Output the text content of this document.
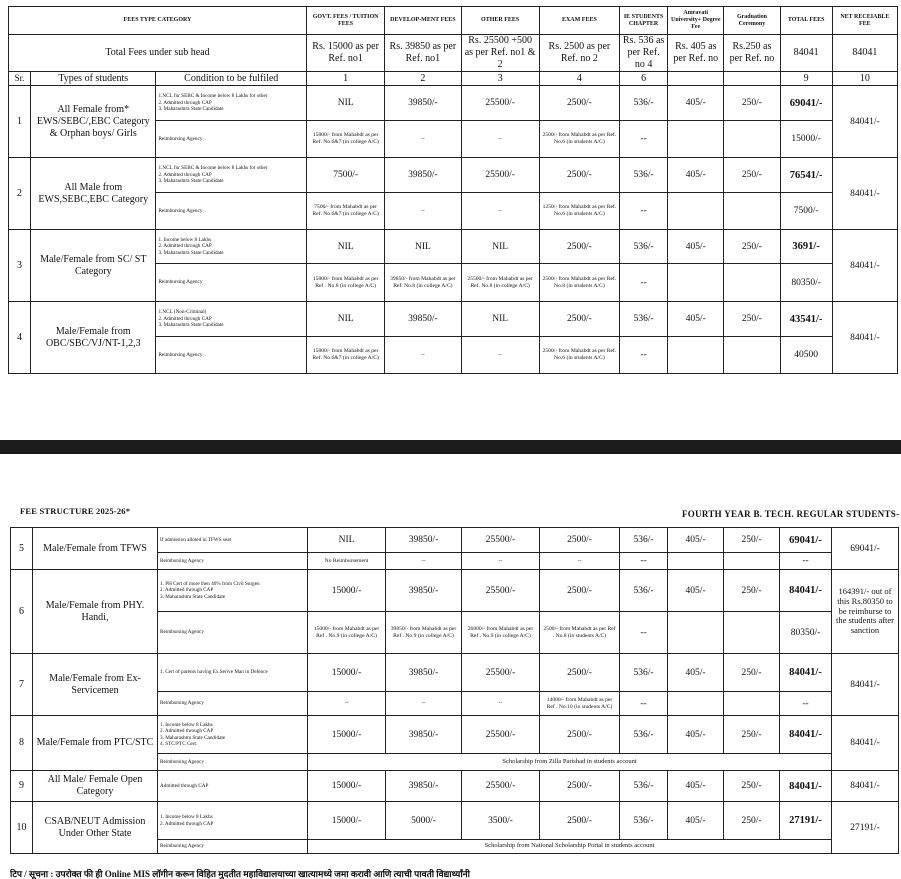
FEES TYPE CATEGORY			GOVT. FEES / TUITION FEES	DEVELOP-MENT FEES	OTHER FEES	EXAM FEES	IE STUDENTS CHAPTER	Amravati University+ Degree Fee	Graduation Ceremony	TOTAL FEES	NET RECEIABLE FEE
Total Fees under sub head			Rs. 15000 as per Ref. no1	Rs. 39850 as per Ref. no1	Rs. 25500 +500 as per Ref. no1 & 2	Rs. 2500 as per Ref. no 2	Rs. 536 as per Ref. no 4	Rs. 405 as per Ref. no	Rs.250 as per Ref. no	84041	84041
Sr.	Types of students	Condition to be fulfiled	1	2	3	4	6			9	10
1	All Female from* EWS/SEBC/,EBC Category & Orphan boys/ Girls	1.NCL for SEBC & Income below 8 Lakhs for other
2. Admitted through CAP
3. Maharashtra State Candidate	NIL	39850/-	25500/-	2500/-	536/-	405/-	250/-	69041/-	84041/-
		Reimbursing Agency	15000/- from Mahabdt as per Ref. No.6&7 (in college A/C)	--	--	2500/- from Mahabdt as per Ref. No.6 (in students A/C)	--			15000/-	
2	All Male from EWS,SEBC,EBC Category	1.NCL for SEBC & Income below 8 Lakhs for other
2. Admitted through CAP
3. Maharashtra State Candidate	7500/-	39850/-	25500/-	2500/-	536/-	405/-	250/-	76541/-	84041/-
		Reimbursing Agency	7500/- from Mahabdt as per Ref. No.6&7 (in college A/C)	--	--	1250/- from Mahabdt as per Ref. No.6 (in students A/C)	--			7500/-	
3	Male/Female from SC/ ST Category	1. Income below 8 Lakhs
2. Admitted through CAP
3. Maharashtra State Candidate	NIL	NIL	NIL	2500/-	536/-	405/-	250/-	3691/-	84041/-
		Reimbursing Agency	15000/- from Mahabdt as per Ref . No.8 (in college A/C)	39850/- from Mahabdt as per Ref. No.8 (in college A/C)	25500/- from Mahabdt as per Ref. No.8 (in college A/C)	2500/- from Mahabdt as per Ref. No.8 (in students A/C)	--			80350/-	
4	Male/Female from OBC/SBC/VJ/NT-1,2,3	1.NCL (Non-Criminal)
2. Admitted through CAP
3. Maharashtra State Candidate	NIL	39850/-	NIL	2500/-	536/-	405/-	250/-	43541/-	84041/-
		Reimbursing Agency	15000/- from Mahabdt as per Ref. No.6&7 (in college A/C)	--	--	2500/- from Mahabdt as per Ref. No.6 (in students A/C)	--			40500	
FEE STRUCTURE 2025-26*	FOURTH YEAR B. TECH. REGULAR STUDENTS-
5	Male/Female from TFWS	If admission alloted in TFWS seat	NIL	39850/-	25500/-	2500/-	536/-	405/-	250/-	69041/-	69041/-
		Reimbursing Agency	No Reimbursement	--	--	--	--			--	
6	Male/Female from PHY. Handi,	1. PH Cert of more then 40% from Civil Surgen
2. Admitted through CAP
3. Maharashtra State Candidate	15000/-	39850/-	25500/-	2500/-	536/-	405/-	250/-	84041/-	164391/- out of this Rs.80350 to be reimburse to the students after sanction
		Reimbursing Agency	15000/- from Mahabdt as per Ref . No.9 (in college A/C)	39850/- from Mahabdt as per Ref . No.9 (in college A/C)	26000/- from Mahabdt as per Ref . No.9 (in college A/C)	2500/- from Mahabdt as per Ref . No.8 (in students A/C)	--			80350/-	
7	Male/Female from Ex-Servicemen	1. Cert of parents having Ex.Serive Man in Defence	15000/-	39850/-	25500/-	2500/-	536/-	405/-	250/-	84041/-	84041/-
		Reimbursing Agency	--	--	--	14000/- from Mahabdt as per Ref . No.10 (in students A/C)	--			--	
8	Male/Female from PTC/STC	1. Income below 8 Lakhs
2. Admitted through CAP
3. Maharashtra State Candidate
4. STC/PTC Cert.	15000/-	39850/-	25500/-	2500/-	536/-	405/-	250/-	84041/-	84041/-
		Reimbursing Agency	Scholarship from Zilla Parishad in students account								
9	All Male/ Female Open Category	Admitted through CAP	15000/-	39850/-	25500/-	2500/-	536/-	405/-	250/-	84041/-	84041/-
10	CSAB/NEUT Admission Under Other State	1. Income below 8 Lakhs
2. Admitted through CAP	15000/-	5000/-	3500/-	2500/-	536/-	405/-	250/-	27191/-	27191/-
		Reimbursing Agency	Scholarship from National Scholarship Portal in students account								
टिप / सूचना : उपरोक्त फी ही Online MIS लॉगीन करून विहित मुदतीत महाविद्यालयाच्या खात्यामध्ये जमा करावी आणि त्याची पावती विद्यार्थ्यांनी
